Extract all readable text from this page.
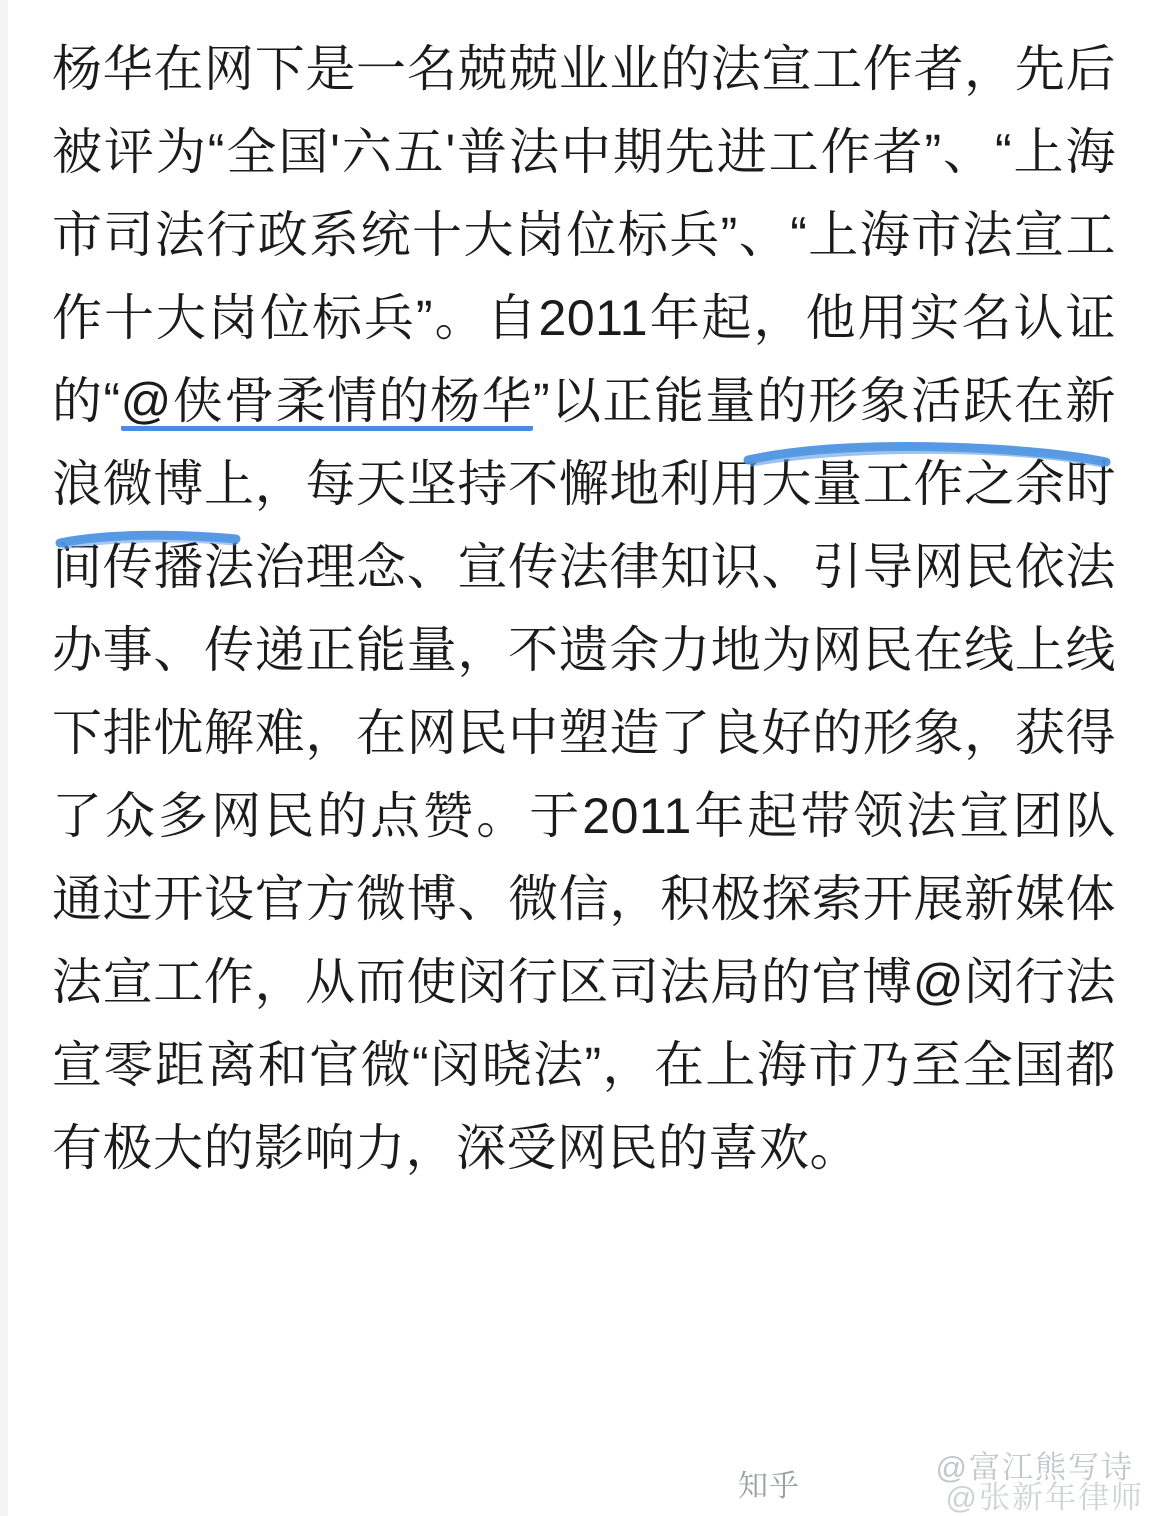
杨华在网下是一名兢兢业业的法宣工作者，先后被评为“全国'六五'普法中期先进工作者”、“上海市司法行政系统十大岗位标兵”、“上海市法宣工作十大岗位标兵”。自2011年起，他用实名认证的“@侠骨柔情的杨华”以正能量的形象活跃在新浪微博上，每天坚持不懈地利用大量工作之余时间传播法治理念、宣传法律知识、引导网民依法办事、传递正能量，不遗余力地为网民在线上线下排忧解难，在网民中塑造了良好的形象，获得了众多网民的点赞。于2011年起带领法宣团队通过开设官方微博、微信，积极探索开展新媒体法宣工作，从而使闵行区司法局的官博@闵行法宣零距离和官微“闵晓法”，在上海市乃至全国都有极大的影响力，深受网民的喜欢。

知乎
@富江熊写诗
@张新年律师
